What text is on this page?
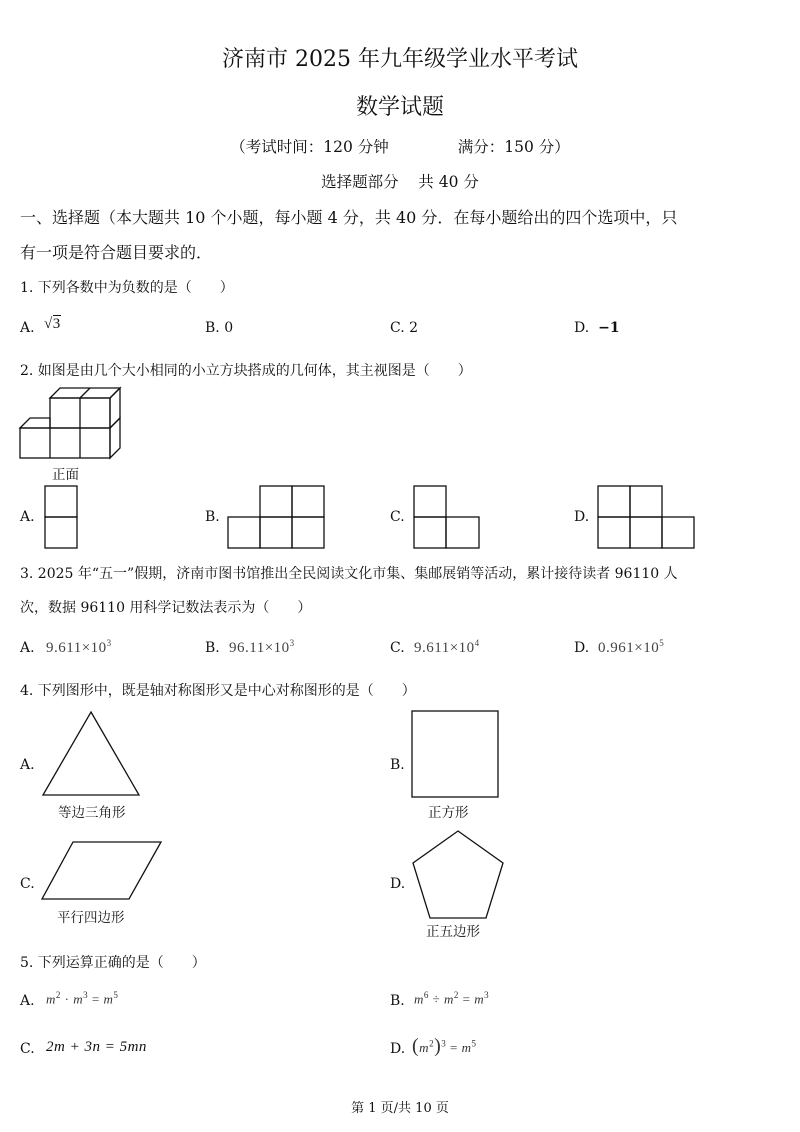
济南市 2025 年九年级学业水平考试
数学试题
（考试时间：120 分钟              满分：150 分）
选择题部分    共 40 分
一、选择题（本大题共 10 个小题，每小题 4 分，共 40 分．在每小题给出的四个选项中，只
有一项是符合题目要求的．
1. 下列各数中为负数的是（　　）
A. √3	B. 0	C. 2	D. −1
2. 如图是由几个大小相同的小立方块搭成的几何体，其主视图是（　　）
正面
A.	B.	C.	D.
3. 2025 年“五一”假期，济南市图书馆推出全民阅读文化市集、集邮展销等活动，累计接待读者 96110 人
次，数据 96110 用科学记数法表示为（　　）
A. $9.611\times 10^3$	B. $96.11\times 10^3$	C. $9.611\times 10^4$	D. $0.961\times 10^5$
4. 下列图形中，既是轴对称图形又是中心对称图形的是（　　）
A.
等边三角形
B.
正方形
C.
平行四边形
D.
正五边形
5. 下列运算正确的是（　　）
A. $m^2 \cdot m^3 = m^5$	B. $m^6 \div m^2 = m^3$
C. 2m + 3n = 5mn	D. $(m^2)^3 = m^5$
第 1 页/共 10 页
